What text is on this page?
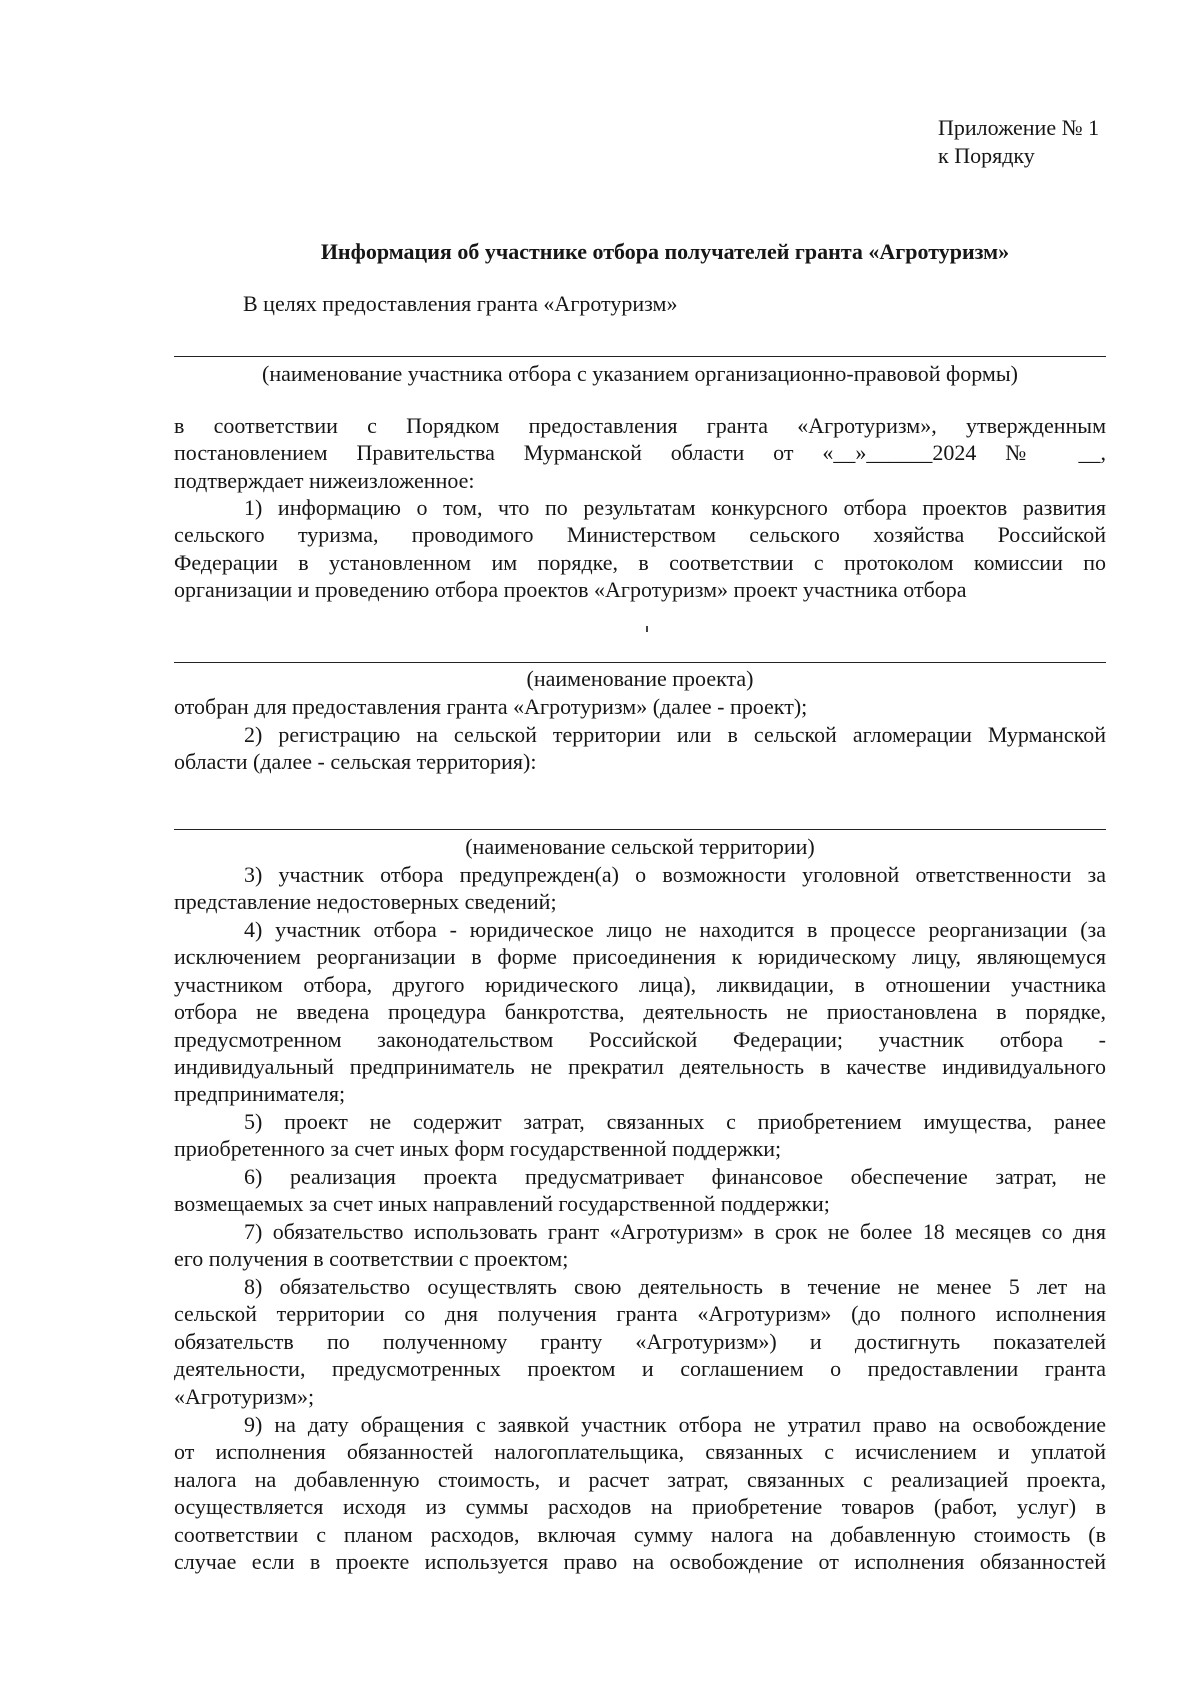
Приложение № 1
к Порядку
Информация об участнике отбора получателей гранта «Агротуризм»
В целях предоставления гранта «Агротуризм»
(наименование участника отбора с указанием организационно-правовой формы)

в соответствии с Порядком предоставления гранта «Агротуризм», утвержденным

постановлением Правительства Мурманской области от «__»______2024 № __,

подтверждает нижеизложенное:

1) информацию о том, что по результатам конкурсного отбора проектов развития

сельского туризма, проводимого Министерством сельского хозяйства Российской

Федерации в установленном им порядке, в соответствии с протоколом комиссии по

организации и проведению отбора проектов «Агротуризм» проект участника отбора

(наименование проекта)

отобран для предоставления гранта «Агротуризм» (далее - проект);

2) регистрацию на сельской территории или в сельской агломерации Мурманской

области (далее - сельская территория):

(наименование сельской территории)

3) участник отбора предупрежден(а) о возможности уголовной ответственности за

представление недостоверных сведений;

4) участник отбора - юридическое лицо не находится в процессе реорганизации (за

исключением реорганизации в форме присоединения к юридическому лицу, являющемуся

участником отбора, другого юридического лица), ликвидации, в отношении участника

отбора не введена процедура банкротства, деятельность не приостановлена в порядке,

предусмотренном законодательством Российской Федерации; участник отбора -

индивидуальный предприниматель не прекратил деятельность в качестве индивидуального

предпринимателя;

5) проект не содержит затрат, связанных с приобретением имущества, ранее

приобретенного за счет иных форм государственной поддержки;

6) реализация проекта предусматривает финансовое обеспечение затрат, не

возмещаемых за счет иных направлений государственной поддержки;

7) обязательство использовать грант «Агротуризм» в срок не более 18 месяцев со дня

его получения в соответствии с проектом;

8) обязательство осуществлять свою деятельность в течение не менее 5 лет на

сельской территории со дня получения гранта «Агротуризм» (до полного исполнения

обязательств по полученному гранту «Агротуризм») и достигнуть показателей

деятельности, предусмотренных проектом и соглашением о предоставлении гранта

«Агротуризм»;

9) на дату обращения с заявкой участник отбора не утратил право на освобождение

от исполнения обязанностей налогоплательщика, связанных с исчислением и уплатой

налога на добавленную стоимость, и расчет затрат, связанных с реализацией проекта,

осуществляется исходя из суммы расходов на приобретение товаров (работ, услуг) в

соответствии с планом расходов, включая сумму налога на добавленную стоимость (в

случае если в проекте используется право на освобождение от исполнения обязанностей
